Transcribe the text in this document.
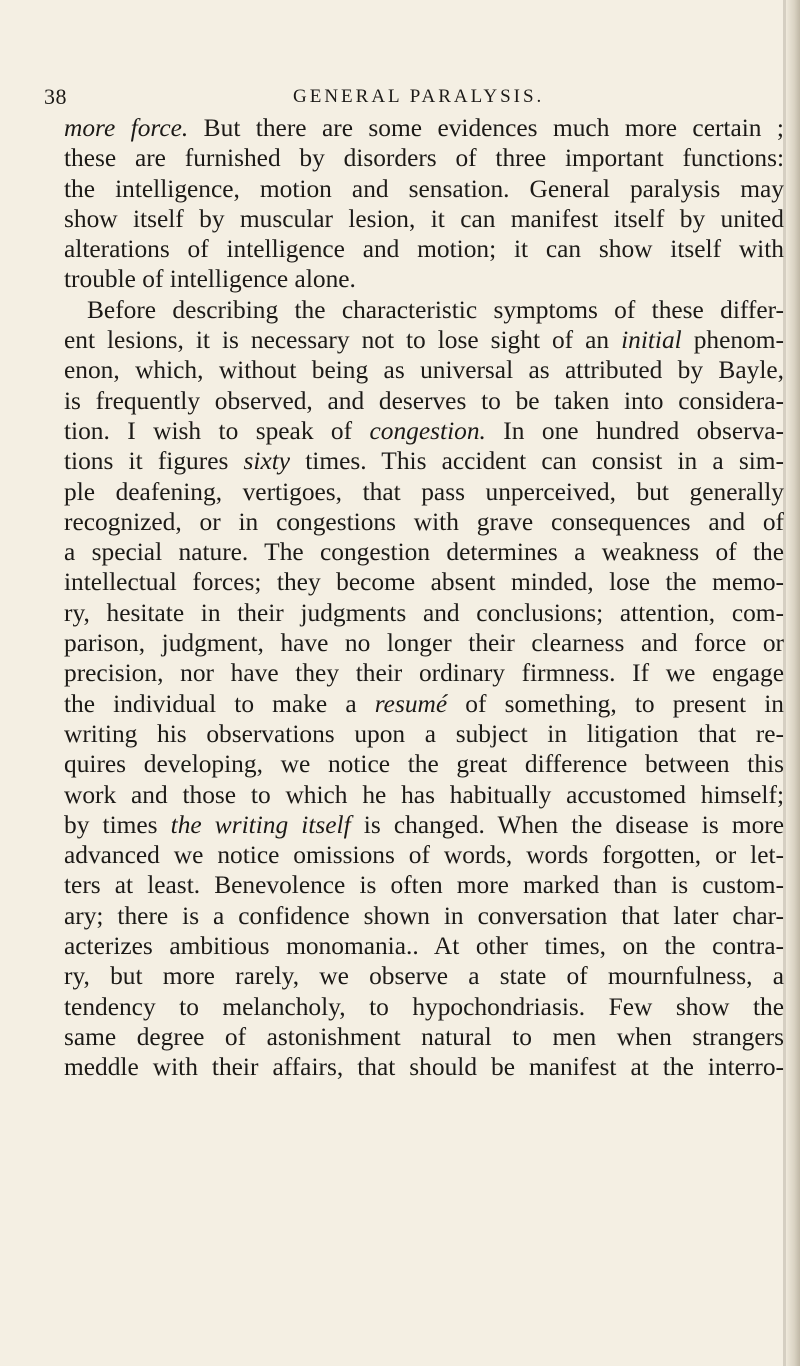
38	GENERAL PARALYSIS.
more force. But there are some evidences much more certain ;
these are furnished by disorders of three important functions:
the intelligence, motion and sensation. General paralysis may
show itself by muscular lesion, it can manifest itself by united
alterations of intelligence and motion; it can show itself with
trouble of intelligence alone.
Before describing the characteristic symptoms of these differ-
ent lesions, it is necessary not to lose sight of an initial phenom-
enon, which, without being as universal as attributed by Bayle,
is frequently observed, and deserves to be taken into considera-
tion. I wish to speak of congestion. In one hundred observa-
tions it figures sixty times. This accident can consist in a sim-
ple deafening, vertigoes, that pass unperceived, but generally
recognized, or in congestions with grave consequences and of
a special nature. The congestion determines a weakness of the
intellectual forces; they become absent minded, lose the memo-
ry, hesitate in their judgments and conclusions; attention, com-
parison, judgment, have no longer their clearness and force or
precision, nor have they their ordinary firmness. If we engage
the individual to make a resumé of something, to present in
writing his observations upon a subject in litigation that re-
quires developing, we notice the great difference between this
work and those to which he has habitually accustomed himself;
by times the writing itself is changed. When the disease is more
advanced we notice omissions of words, words forgotten, or let-
ters at least. Benevolence is often more marked than is custom-
ary; there is a confidence shown in conversation that later char-
acterizes ambitious monomania.. At other times, on the contra-
ry, but more rarely, we observe a state of mournfulness, a
tendency to melancholy, to hypochondriasis. Few show the
same degree of astonishment natural to men when strangers
meddle with their affairs, that should be manifest at the interro-
